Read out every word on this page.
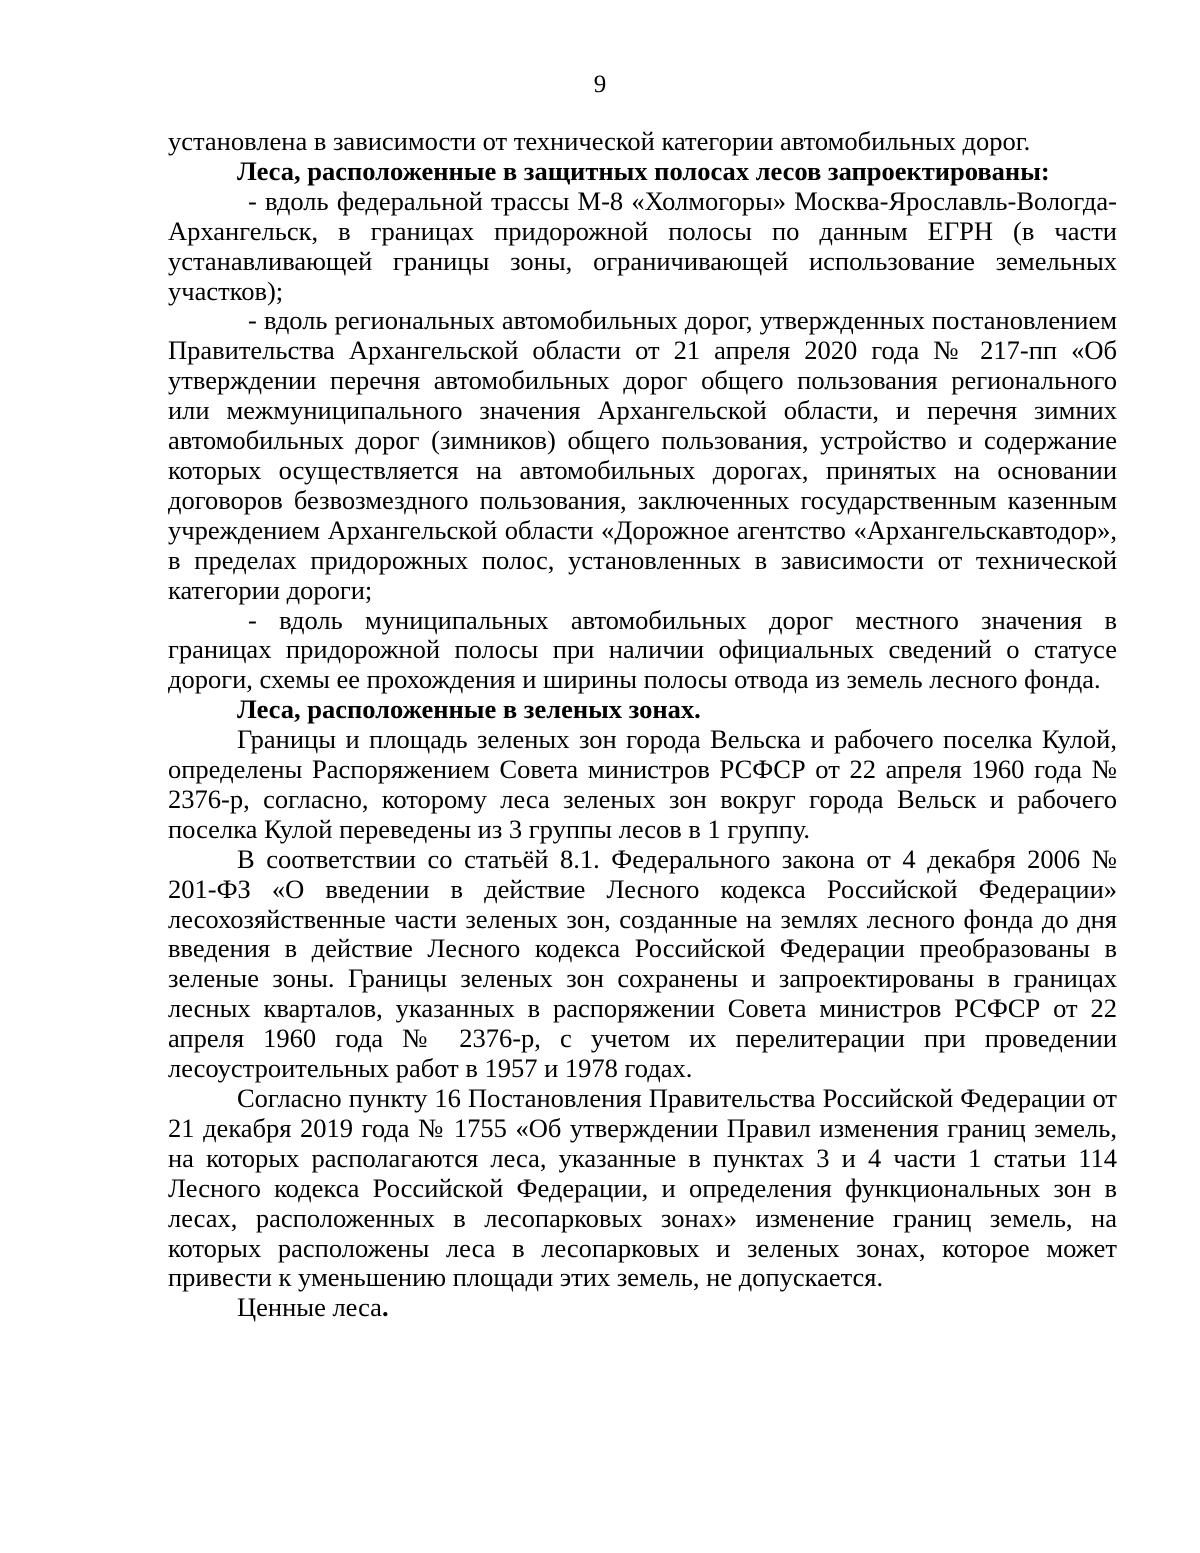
9

установлена в зависимости от технической категории автомобильных дорог.

Леса, расположенные в защитных полосах лесов запроектированы:

- вдоль федеральной трассы М-8 «Холмогоры» Москва-Ярославль-Вологда-Архангельск, в границах придорожной полосы по данным ЕГРН (в части устанавливающей границы зоны, ограничивающей использование земельных участков);

- вдоль региональных автомобильных дорог, утвержденных постановлением Правительства Архангельской области от 21 апреля 2020 года № 217-пп «Об утверждении перечня автомобильных дорог общего пользования регионального или межмуниципального значения Архангельской области, и перечня зимних автомобильных дорог (зимников) общего пользования, устройство и содержание которых осуществляется на автомобильных дорогах, принятых на основании договоров безвозмездного пользования, заключенных государственным казенным учреждением Архангельской области «Дорожное агентство «Архангельскавтодор», в пределах придорожных полос, установленных в зависимости от технической категории дороги;

- вдоль муниципальных автомобильных дорог местного значения в границах придорожной полосы при наличии официальных сведений о статусе дороги, схемы ее прохождения и ширины полосы отвода из земель лесного фонда.

Леса, расположенные в зеленых зонах.

Границы и площадь зеленых зон города Вельска и рабочего поселка Кулой, определены Распоряжением Совета министров РСФСР от 22 апреля 1960 года № 2376-р, согласно, которому леса зеленых зон вокруг города Вельск и рабочего поселка Кулой переведены из 3 группы лесов в 1 группу.

В соответствии со статьёй 8.1. Федерального закона от 4 декабря 2006 № 201-ФЗ «О введении в действие Лесного кодекса Российской Федерации» лесохозяйственные части зеленых зон, созданные на землях лесного фонда до дня введения в действие Лесного кодекса Российской Федерации преобразованы в зеленые зоны. Границы зеленых зон сохранены и запроектированы в границах лесных кварталов, указанных в распоряжении Совета министров РСФСР от 22 апреля 1960 года № 2376-р, с учетом их перелитерации при проведении лесоустроительных работ в 1957 и 1978 годах.

Согласно пункту 16 Постановления Правительства Российской Федерации от 21 декабря 2019 года № 1755 «Об утверждении Правил изменения границ земель, на которых располагаются леса, указанные в пунктах 3 и 4 части 1 статьи 114 Лесного кодекса Российской Федерации, и определения функциональных зон в лесах, расположенных в лесопарковых зонах» изменение границ земель, на которых расположены леса в лесопарковых и зеленых зонах, которое может привести к уменьшению площади этих земель, не допускается.

Ценные леса.
